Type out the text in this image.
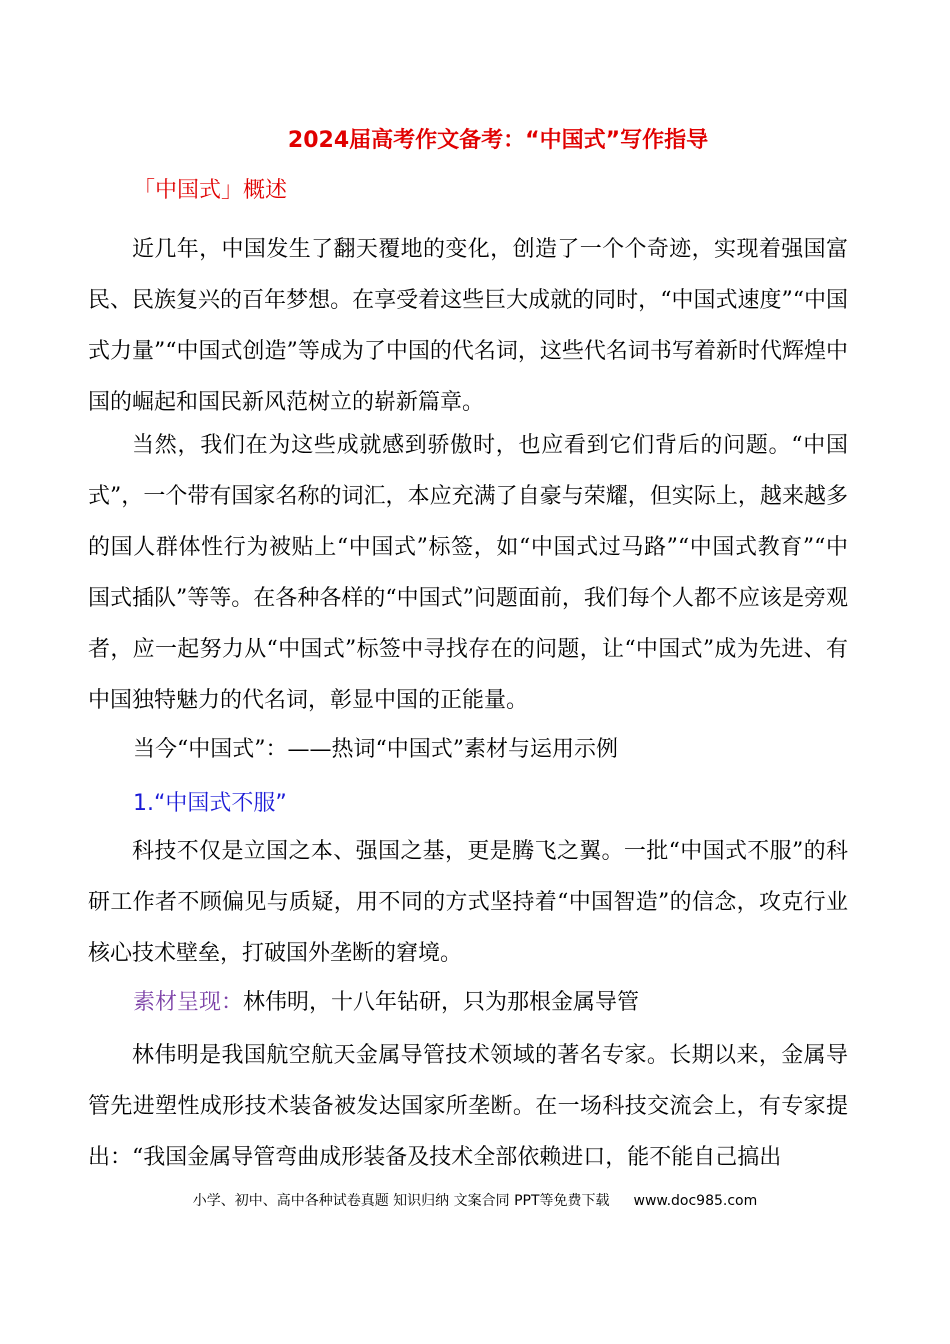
2024届高考作文备考：“中国式”写作指导
「中国式」概述

近几年，中国发生了翻天覆地的变化，创造了一个个奇迹，实现着强国富民、民族复兴的百年梦想。在享受着这些巨大成就的同时，“中国式速度”“中国式力量”“中国式创造”等成为了中国的代名词，这些代名词书写着新时代辉煌中国的崛起和国民新风范树立的崭新篇章。

当然，我们在为这些成就感到骄傲时，也应看到它们背后的问题。“中国式”，一个带有国家名称的词汇，本应充满了自豪与荣耀，但实际上，越来越多的国人群体性行为被贴上“中国式”标签，如“中国式过马路”“中国式教育”“中国式插队”等等。在各种各样的“中国式”问题面前，我们每个人都不应该是旁观者，应一起努力从“中国式”标签中寻找存在的问题，让“中国式”成为先进、有中国独特魅力的代名词，彰显中国的正能量。

当今“中国式”：——热词“中国式”素材与运用示例
1.“中国式不服”

科技不仅是立国之本、强国之基，更是腾飞之翼。一批“中国式不服”的科研工作者不顾偏见与质疑，用不同的方式坚持着“中国智造”的信念，攻克行业核心技术壁垒，打破国外垄断的窘境。

素材呈现：林伟明，十八年钻研，只为那根金属导管

林伟明是我国航空航天金属导管技术领域的著名专家。长期以来，金属导管先进塑性成形技术装备被发达国家所垄断。在一场科技交流会上，有专家提出：“我国金属导管弯曲成形装备及技术全部依赖进口，能不能自己搞出

小学、初中、高中各种试卷真题 知识归纳 文案合同 PPT等免费下载 www.doc985.com
